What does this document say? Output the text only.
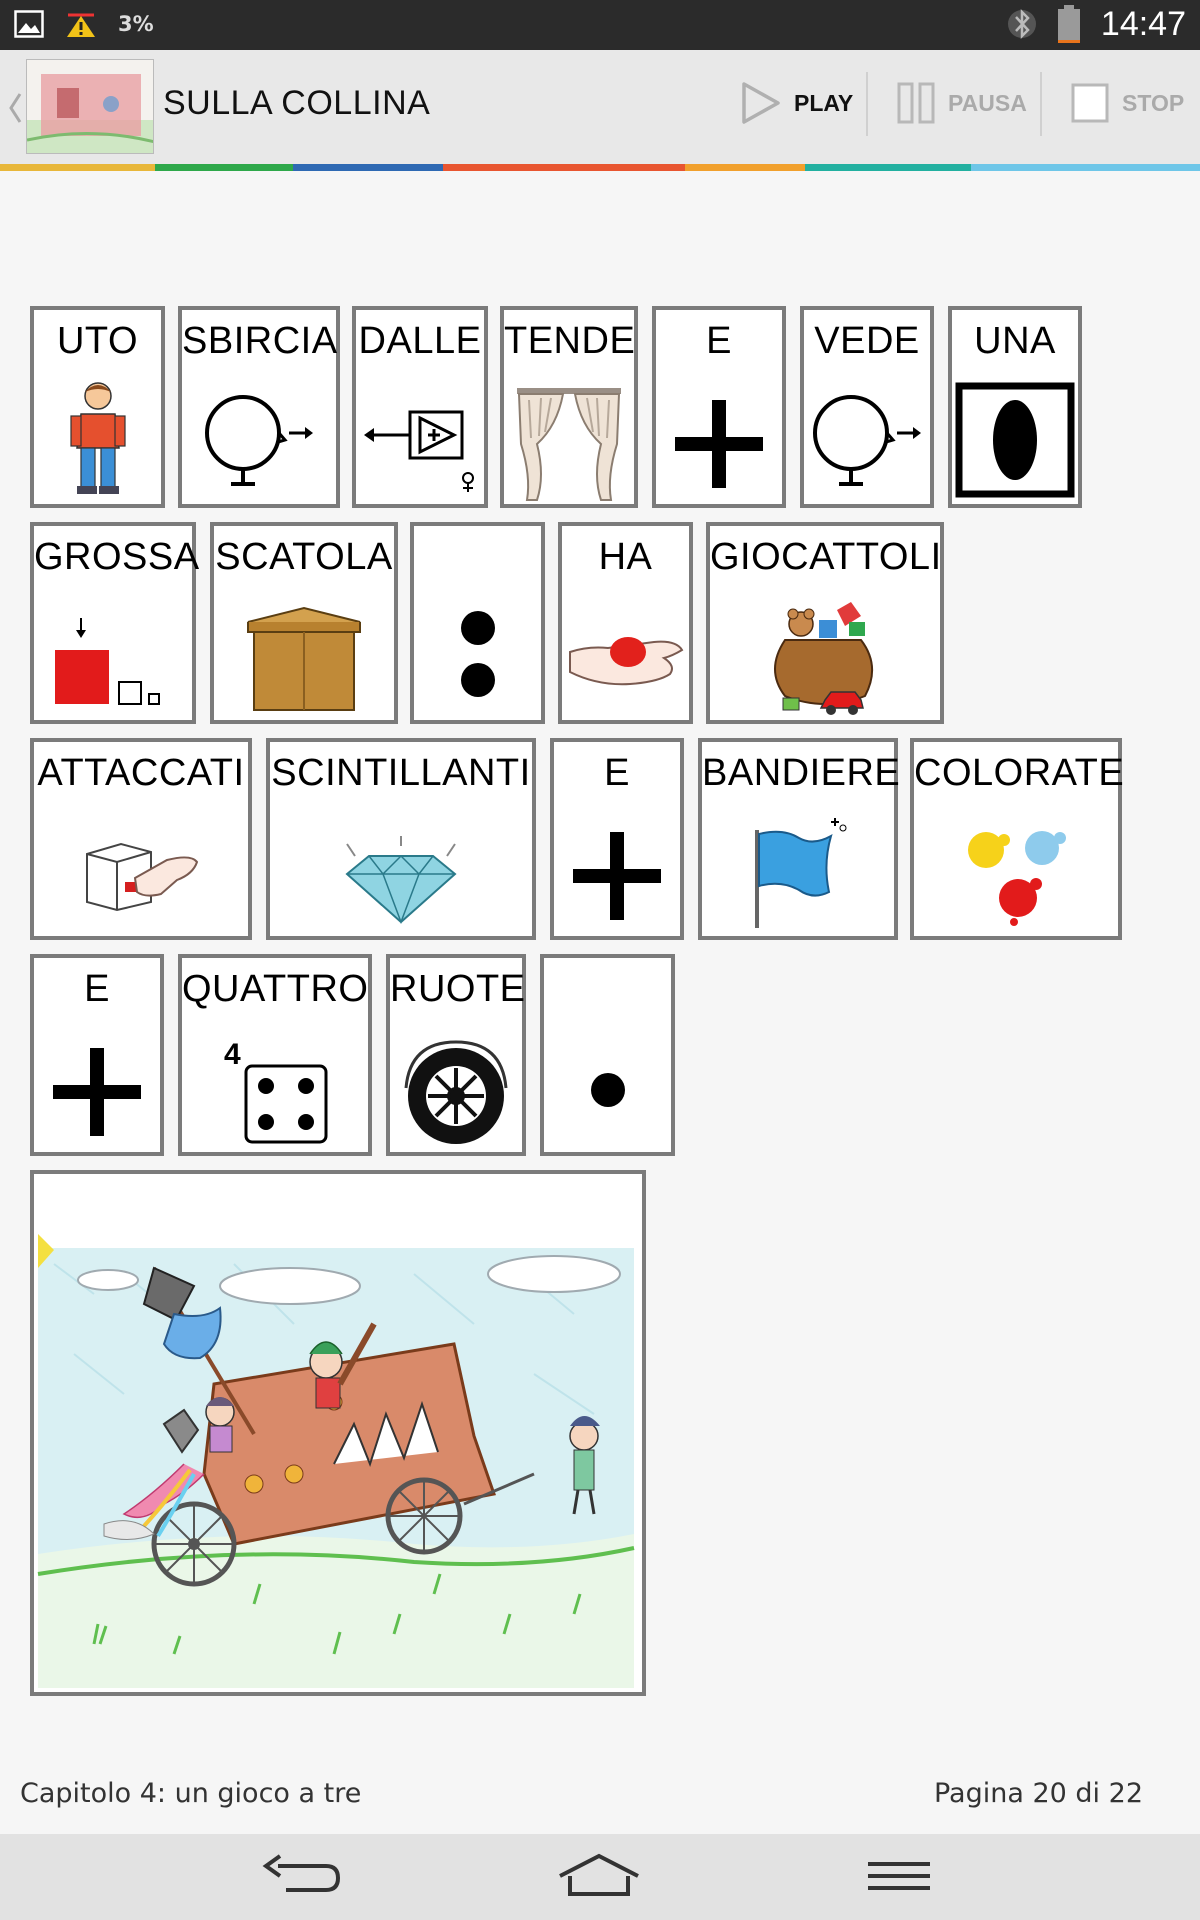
3%	14:47
SULLA COLLINA	PLAY	PAUSA	STOP
UTO	SBIRCIA DALLE TENDE	E	VEDE	UNA
GROSSA SCATOLA	HA	GIOCATTOLI
ATTACCATI SCINTILLANTI	E	BANDIERE COLORATE
E	QUATTRO
4
RUOTE
Capitolo 4: un gioco a tre	Pagina 20 di 22
